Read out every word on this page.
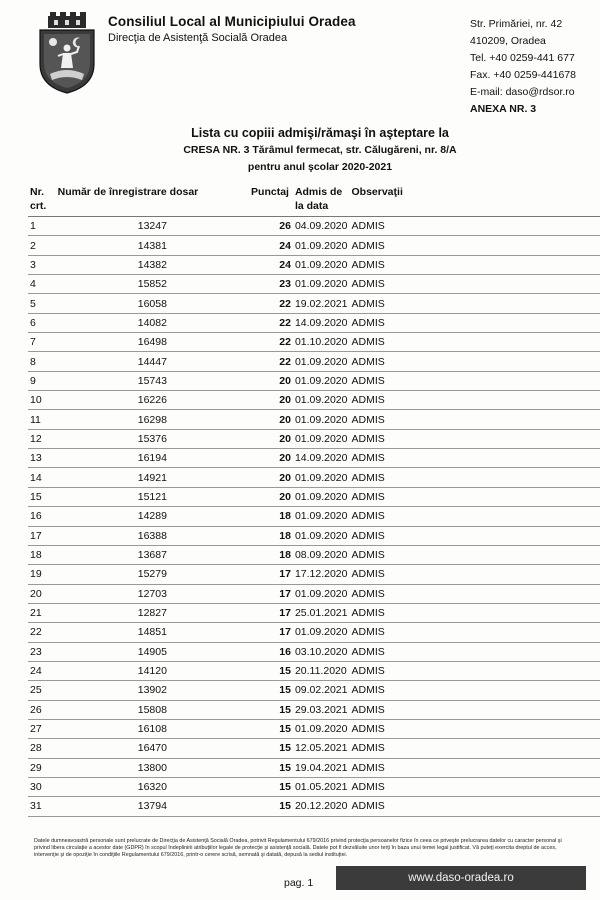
Consiliul Local al Municipiului Oradea
Direcţia de Asistenţă Socială Oradea
Str. Primăriei, nr. 42
410209, Oradea
Tel. +40 0259-441 677
Fax. +40 0259-441678
E-mail: daso@rdsor.ro
ANEXA NR. 3
Lista cu copiii admişi/rămaşi în aşteptare la
CRESA NR. 3 Tărâmul fermecat, str. Călugăreni, nr. 8/A
pentru anul şcolar 2020-2021
Nr. crt.	Număr de înregistrare dosar	Punctaj	Admis de la data	Observaţii	
1	13247	26	04.09.2020	ADMIS	
2	14381	24	01.09.2020	ADMIS	
3	14382	24	01.09.2020	ADMIS	
4	15852	23	01.09.2020	ADMIS	
5	16058	22	19.02.2021	ADMIS	
6	14082	22	14.09.2020	ADMIS	
7	16498	22	01.10.2020	ADMIS	
8	14447	22	01.09.2020	ADMIS	
9	15743	20	01.09.2020	ADMIS	
10	16226	20	01.09.2020	ADMIS	
11	16298	20	01.09.2020	ADMIS	
12	15376	20	01.09.2020	ADMIS	
13	16194	20	14.09.2020	ADMIS	
14	14921	20	01.09.2020	ADMIS	
15	15121	20	01.09.2020	ADMIS	
16	14289	18	01.09.2020	ADMIS	
17	16388	18	01.09.2020	ADMIS	
18	13687	18	08.09.2020	ADMIS	
19	15279	17	17.12.2020	ADMIS	
20	12703	17	01.09.2020	ADMIS	
21	12827	17	25.01.2021	ADMIS	
22	14851	17	01.09.2020	ADMIS	
23	14905	16	03.10.2020	ADMIS	
24	14120	15	20.11.2020	ADMIS	
25	13902	15	09.02.2021	ADMIS	
26	15808	15	29.03.2021	ADMIS	
27	16108	15	01.09.2020	ADMIS	
28	16470	15	12.05.2021	ADMIS	
29	13800	15	19.04.2021	ADMIS	
30	16320	15	01.05.2021	ADMIS	
31	13794	15	20.12.2020	ADMIS	
Datele dumneavoastră personale sunt prelucrate de Direcţia de Asistenţă Socială Oradea, potrivit Regulamentului 679/2016 privind protecţia persoanelor fizice în ceea ce priveşte prelucrarea datelor cu caracter personal şi privind libera circulaţie a acestor date (GDPR) în scopul îndeplinirii atribuţiilor legale de protecţie şi asistenţă socială. Datele pot fi dezvăluite unor terţi în baza unui temei legal justificat. Vă puteţi exercita dreptul de acces, intervenţie şi de opoziţie în condiţiile Regulamentului 679/2016, printr-o cerere scrisă, semnată şi datată, depusă la sediul instituţiei.
pag. 1	www.daso-oradea.ro
